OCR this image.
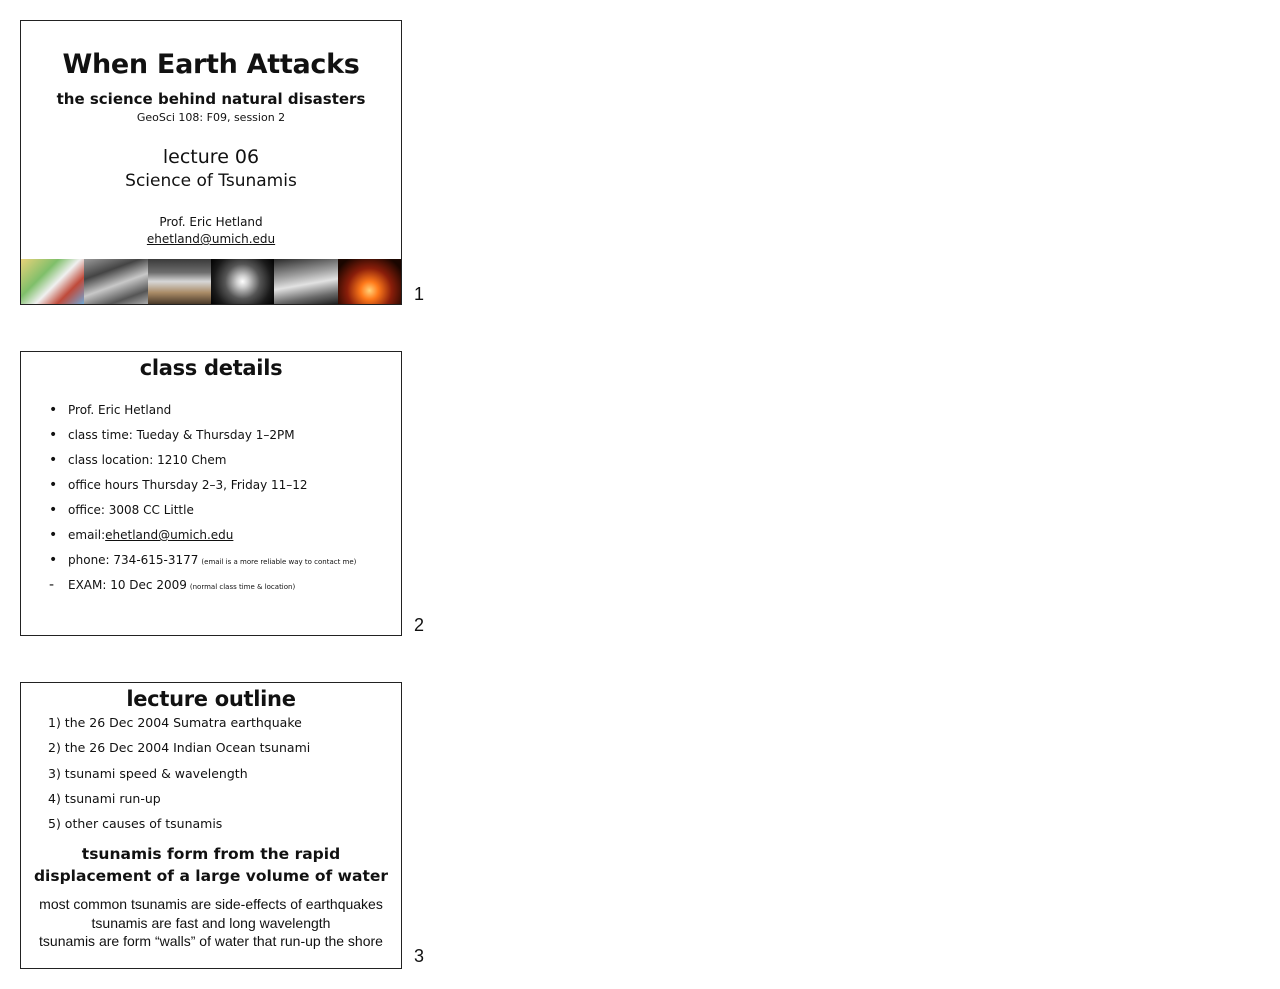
When Earth Attacks
the science behind natural disasters
GeoSci 108: F09, session 2
lecture 06
Science of Tsunamis
Prof. Eric Hetland
ehetland@umich.edu
1
class details
• Prof. Eric Hetland
• class time: Tueday & Thursday 1–2PM
• class location: 1210 Chem
• office hours Thursday 2–3, Friday 11–12
• office: 3008 CC Little
• email: ehetland@umich.edu
• phone: 734-615-3177 (email is a more reliable way to contact me)
-	EXAM: 10 Dec 2009 (normal class time & location)
2
lecture outline
1) the 26 Dec 2004 Sumatra earthquake
2) the 26 Dec 2004 Indian Ocean tsunami
3) tsunami speed & wavelength
4) tsunami run-up
5) other causes of tsunamis
tsunamis form from the rapid
displacement of a large volume of water
most common tsunamis are side-effects of earthquakes
tsunamis are fast and long wavelength
tsunamis are form “walls” of water that run-up the shore
3
